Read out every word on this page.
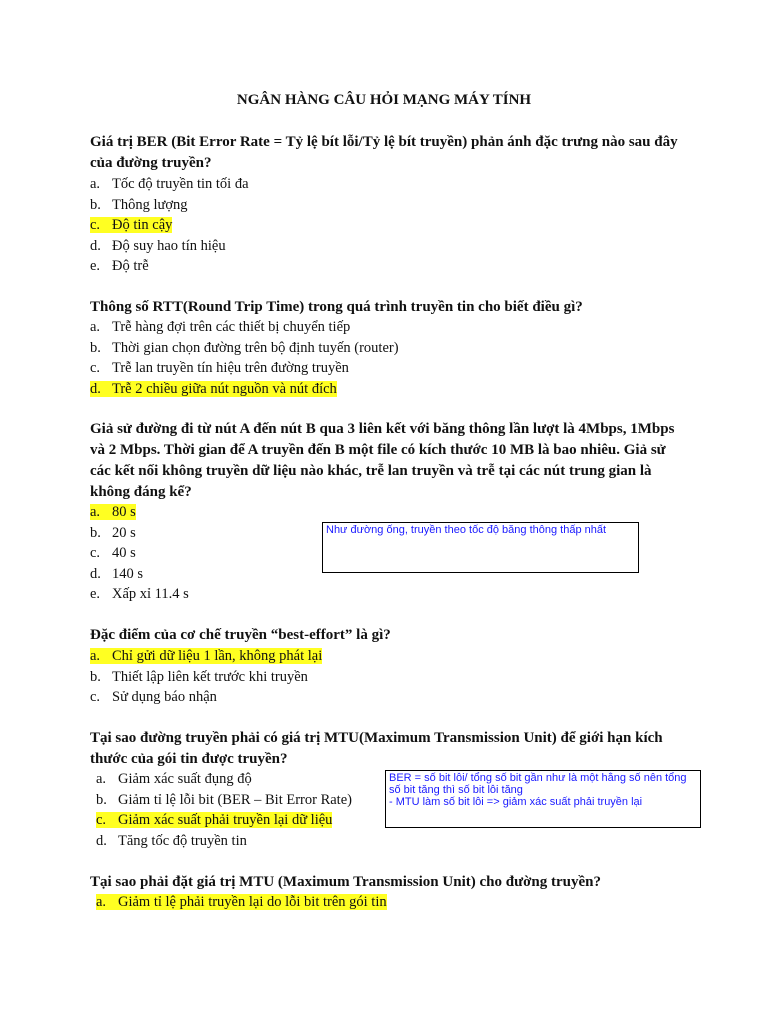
NGÂN HÀNG CÂU HỎI MẠNG MÁY TÍNH
Giá trị BER (Bit Error Rate = Tỷ lệ bít lỗi/Tỷ lệ bít truyền) phản ánh đặc trưng nào sau đây của đường truyền?
a. Tốc độ truyền tin tối đa
b. Thông lượng
c. Độ tin cậy
d. Độ suy hao tín hiệu
e. Độ trễ
Thông số RTT(Round Trip Time) trong quá trình truyền tin cho biết điều gì?
a. Trễ hàng đợi trên các thiết bị chuyển tiếp
b. Thời gian chọn đường trên bộ định tuyến (router)
c. Trễ lan truyền tín hiệu trên đường truyền
d. Trễ 2 chiều giữa nút nguồn và nút đích
Giả sử đường đi từ nút A đến nút B qua 3 liên kết với băng thông lần lượt là 4Mbps, 1Mbps và 2 Mbps. Thời gian để A truyền đến B một file có kích thước 10 MB là bao nhiêu. Giả sử các kết nối không truyền dữ liệu nào khác, trễ lan truyền và trễ tại các nút trung gian là không đáng kể?
a. 80 s
b. 20 s
c. 40 s
d. 140 s
e. Xấp xỉ 11.4 s
Như đường ống, truyền theo tốc độ băng thông thấp nhất
Đặc điểm của cơ chế truyền “best-effort” là gì?
a. Chỉ gửi dữ liệu 1 lần, không phát lại
b. Thiết lập liên kết trước khi truyền
c. Sử dụng báo nhận
Tại sao đường truyền phải có giá trị MTU(Maximum Transmission Unit) để giới hạn kích thước của gói tin được truyền?
a. Giảm xác suất đụng độ
b. Giảm tỉ lệ lỗi bit (BER – Bit Error Rate)
c. Giảm xác suất phải truyền lại dữ liệu
d. Tăng tốc độ truyền tin
BER = số bit lỗi/ tổng số bit gần như là một hằng số nên tổng
số bit tăng thì số bit lỗi tăng
- MTU làm số bit lỗi => giảm xác suất phải truyền lại
Tại sao phải đặt giá trị MTU (Maximum Transmission Unit) cho đường truyền?
a. Giảm tỉ lệ phải truyền lại do lỗi bit trên gói tin
